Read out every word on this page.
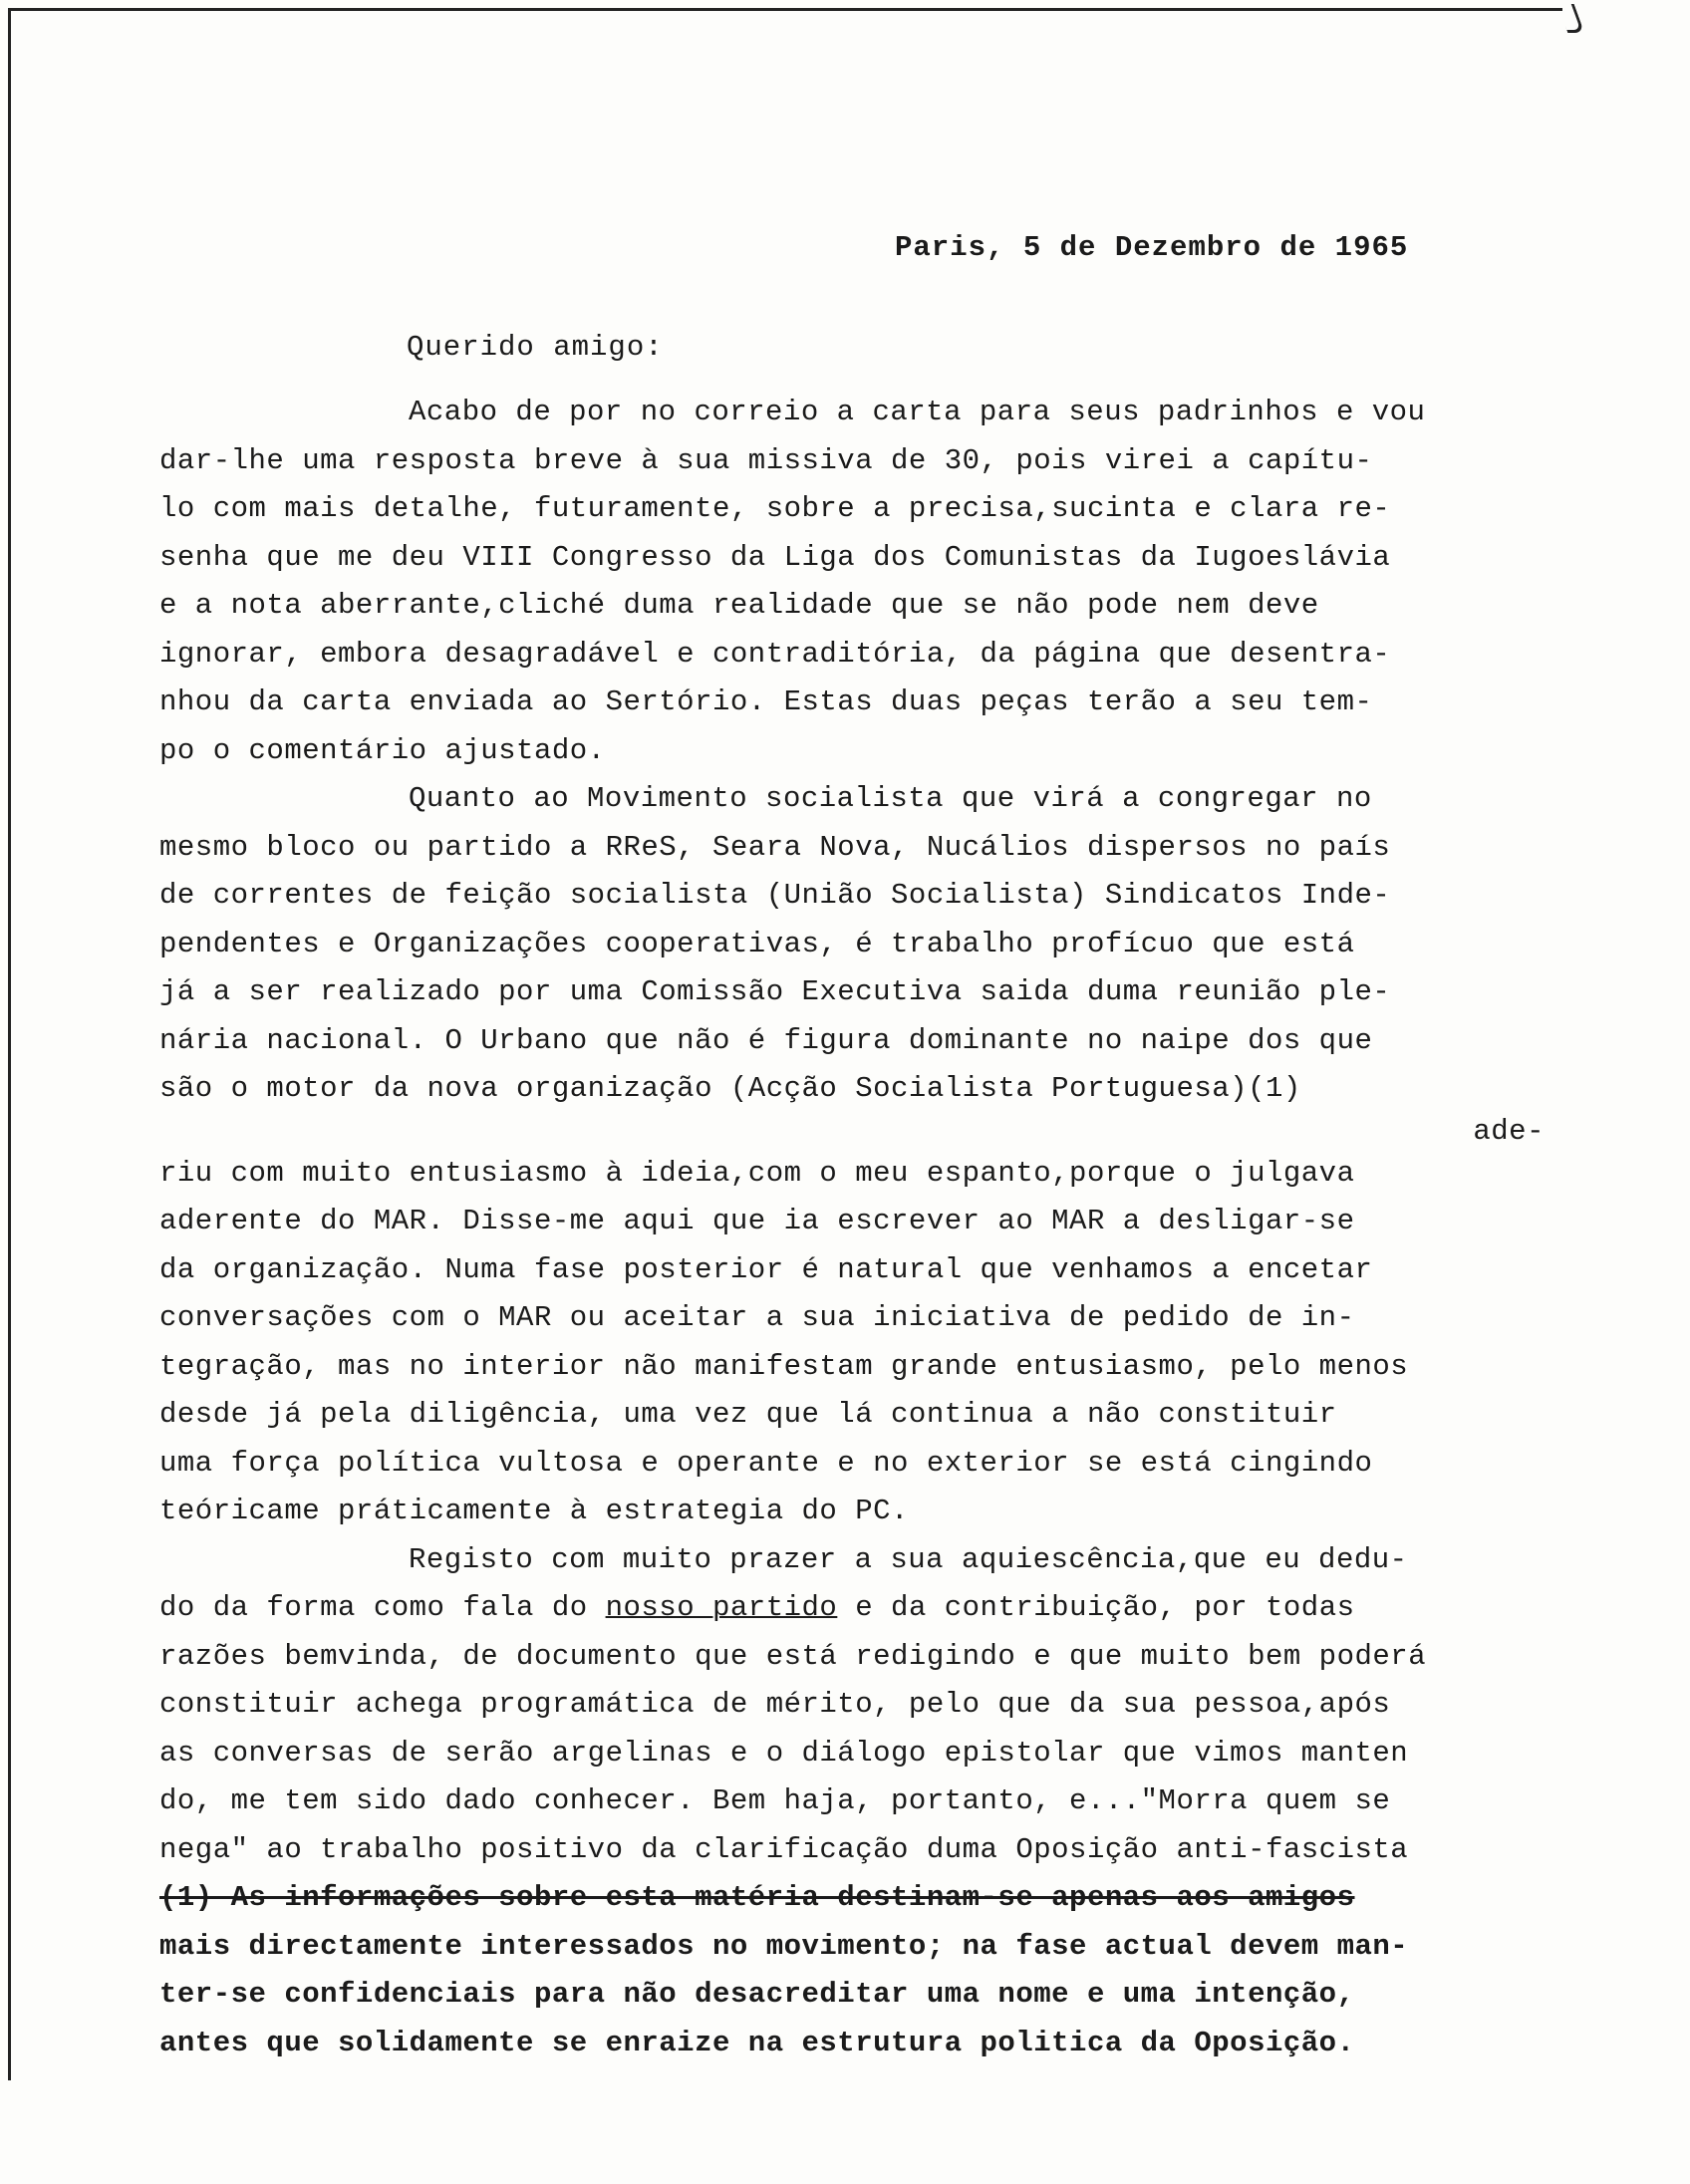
Paris, 5 de Dezembro de 1965
Querido amigo:
Acabo de por no correio a carta para seus padrinhos e vou
dar-lhe uma resposta breve à sua missiva de 30, pois virei a capítu-
lo com mais detalhe, futuramente, sobre a precisa,sucinta e clara re-
senha que me deu VIII Congresso da Liga dos Comunistas da Iugoeslávia
e a nota aberrante,cliché duma realidade que se não pode nem deve
ignorar, embora desagradável e contraditória, da página que desentra-
nhou da carta enviada ao Sertório. Estas duas peças terão a seu tem-
po o comentário ajustado.
Quanto ao Movimento socialista que virá a congregar no
mesmo bloco ou partido a RReS, Seara Nova, Nucálios dispersos no país
de correntes de feição socialista (União Socialista) Sindicatos Inde-
pendentes e Organizações cooperativas, é trabalho profícuo que está
já a ser realizado por uma Comissão Executiva saida duma reunião ple-
nária nacional. O Urbano que não é figura dominante no naipe dos que
são o motor da nova organização (Acção Socialista Portuguesa)(1)
ade-
riu com muito entusiasmo à ideia,com o meu espanto,porque o julgava
aderente do MAR. Disse-me aqui que ia escrever ao MAR a desligar-se
da organização. Numa fase posterior é natural que venhamos a encetar
conversações com o MAR ou aceitar a sua iniciativa de pedido de in-
tegração, mas no interior não manifestam grande entusiasmo, pelo menos
desde já pela diligência, uma vez que lá continua a não constituir
uma força política vultosa e operante e no exterior se está cingindo
teóricame práticamente à estrategia do PC.
Registo com muito prazer a sua aquiescência,que eu dedu-
do da forma como fala do nosso partido e da contribuição, por todas
razões bemvinda, de documento que está redigindo e que muito bem poderá
constituir achega programática de mérito, pelo que da sua pessoa,após
as conversas de serão argelinas e o diálogo epistolar que vimos manten
do, me tem sido dado conhecer. Bem haja, portanto, e..."Morra quem se
nega" ao trabalho positivo da clarificação duma Oposição anti-fascista
(1) As informações sobre esta matéria destinam-se apenas aos amigos
mais directamente interessados no movimento; na fase actual devem man-
ter-se confidenciais para não desacreditar uma nome e uma intenção,
antes que solidamente se enraize na estrutura politica da Oposição.
